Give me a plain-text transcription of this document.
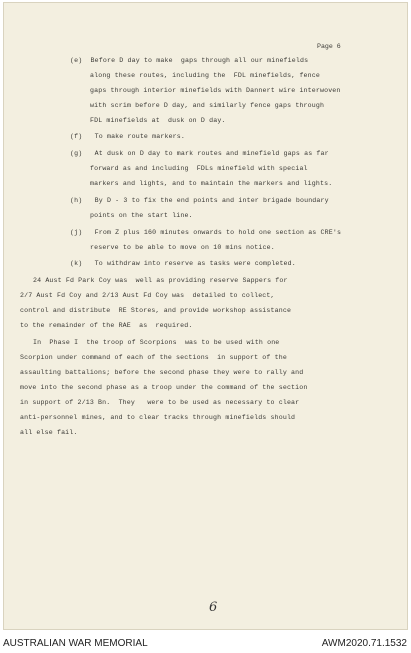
Page 6
(e)  Before D day to make  gaps through all our minefields
along these routes, including the  FDL minefields, fence
gaps through interior minefields with Dannert wire interwoven
with scrim before D day, and similarly fence gaps through
FDL minefields at  dusk on D day.
(f)   To make route markers.
(g)   At dusk on D day to mark routes and minefield gaps as far
forward as and including  FDLs minefield with special
markers and lights, and to maintain the markers and lights.
(h)   By D - 3 to fix the end points and inter brigade boundary
points on the start line.
(j)   From Z plus 160 minutes onwards to hold one section as CRE's
reserve to be able to move on 10 mins notice.
(k)   To withdraw into reserve as tasks were completed.
24 Aust Fd Park Coy was  well as providing reserve Sappers for
2/7 Aust Fd Coy and 2/13 Aust Fd Coy was  detailed to collect,
control and distribute  RE Stores, and provide workshop assistance
to the remainder of the RAE  as  required.
In  Phase I  the troop of Scorpions  was to be used with one
Scorpion under command of each of the sections  in support of the
assaulting battalions; before the second phase they were to rally and
move into the second phase as a troop under the command of the section
in support of 2/13 Bn.  They   were to be used as necessary to clear
anti-personnel mines, and to clear tracks through minefields should
all else fail.
6
AUSTRALIAN WAR MEMORIAL	AWM2020.71.1532
